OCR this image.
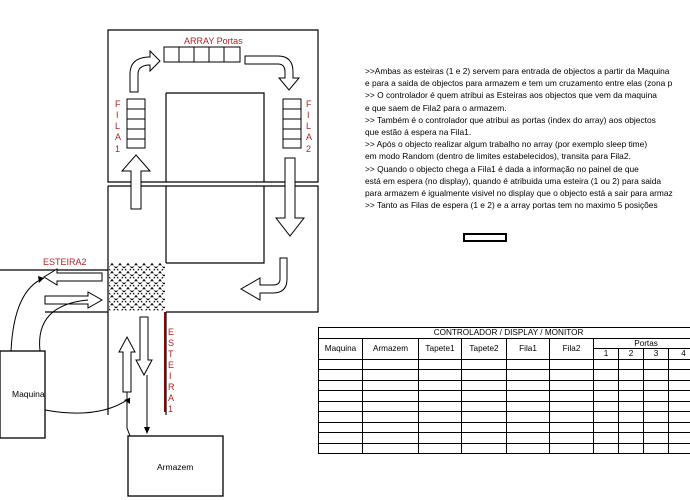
ARRAY Portas
F
I
L
A
1
F
I
L
A
2
ESTEIRA2
E
S
T
E
I
R
A
1
Maquina
Armazem
>>Ambas as esteiras (1 e 2) servem para entrada de objectos a partir da Maquina
e para a saida de objectos para armazem e tem um cruzamento entre elas (zona p
>> O controlador é quem atribui as Esteiras aos objectos que vem da maquina
e que saem de Fila2 para o armazem.
>> Também é o controlador que atribui as portas (index do array) aos objectos
que estão á espera na Fila1.
>> Após o objecto realizar algum trabalho no array (por exemplo sleep time)
em modo Random (dentro de limites estabelecidos), transita para Fila2.
>> Quando o objecto chega a Fila1 é dada a informação no painel de que
está em espera (no display), quando é atribuida uma esteira (1 ou 2) para saida
para armazem é igualmente visivel no display que o objecto está a sair para armaz
>> Tanto as Filas de espera (1 e 2) e a array portas tem no maximo 5 posições
CONTROLADOR / DISPLAY / MONITOR									
Maquina	Armazem	Tapete1	Tapete2	Fila1	Fila2	Portas			
						1	2	3	4
